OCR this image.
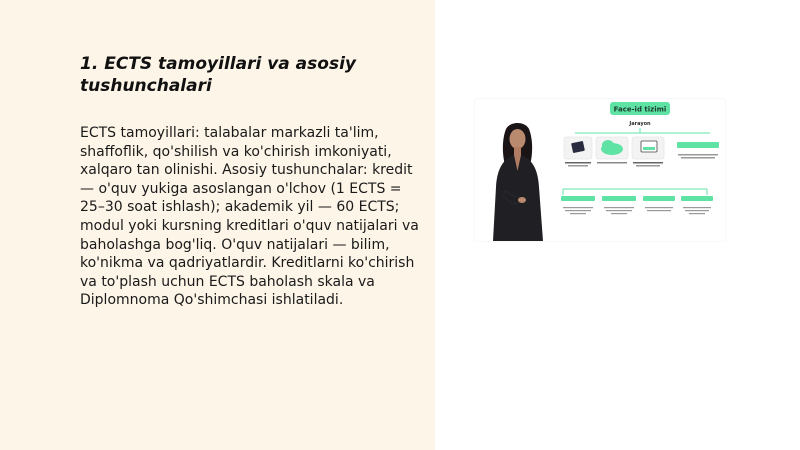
1. ECTS tamoyillari va asosiy tushunchalari

ECTS tamoyillari: talabalar markazli ta'lim, shaffoflik, qo'shilish va ko'chirish imkoniyati, xalqaro tan olinishi. Asosiy tushunchalar: kredit — o'quv yukiga asoslangan o'lchov (1 ECTS = 25–30 soat ishlash); akademik yil — 60 ECTS; modul yoki kursning kreditlari o'quv natijalari va baholashga bog'liq. O'quv natijalari — bilim, ko'nikma va qadriyatlardir. Kreditlarni ko'chirish va to'plash uchun ECTS baholash skala va Diplomnoma Qo'shimchasi ishlatiladi.

Face-id tizimi
Jarayon
